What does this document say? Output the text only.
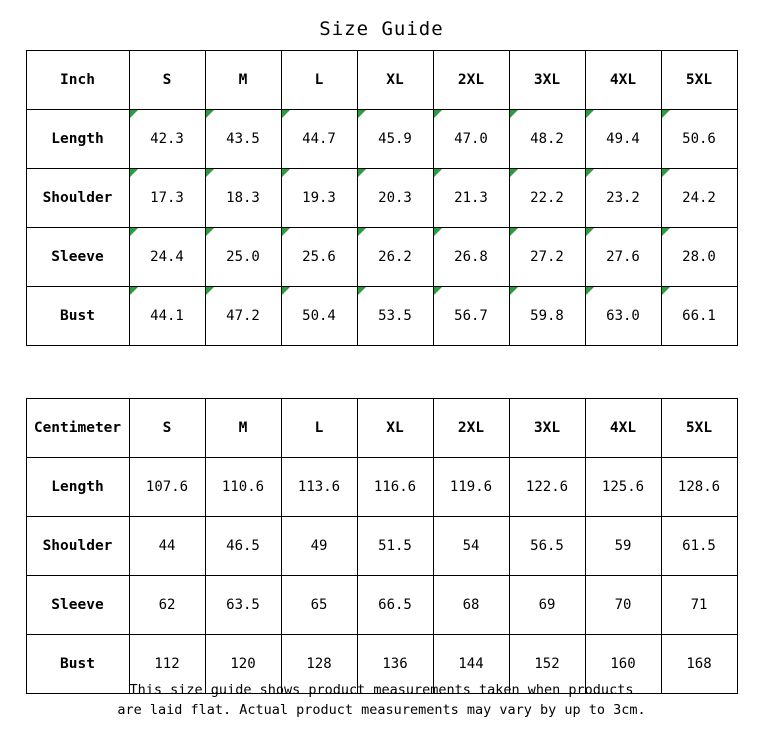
Size Guide
Inch	S	M	L	XL	2XL	3XL	4XL	5XL
Length	42.3	43.5	44.7	45.9	47.0	48.2	49.4	50.6
Shoulder	17.3	18.3	19.3	20.3	21.3	22.2	23.2	24.2
Sleeve	24.4	25.0	25.6	26.2	26.8	27.2	27.6	28.0
Bust	44.1	47.2	50.4	53.5	56.7	59.8	63.0	66.1
Centimeter	S	M	L	XL	2XL	3XL	4XL	5XL
Length	107.6	110.6	113.6	116.6	119.6	122.6	125.6	128.6
Shoulder	44	46.5	49	51.5	54	56.5	59	61.5
Sleeve	62	63.5	65	66.5	68	69	70	71
Bust	112	120	128	136	144	152	160	168
This size guide shows product measurements taken when products
are laid flat. Actual product measurements may vary by up to 3cm.
